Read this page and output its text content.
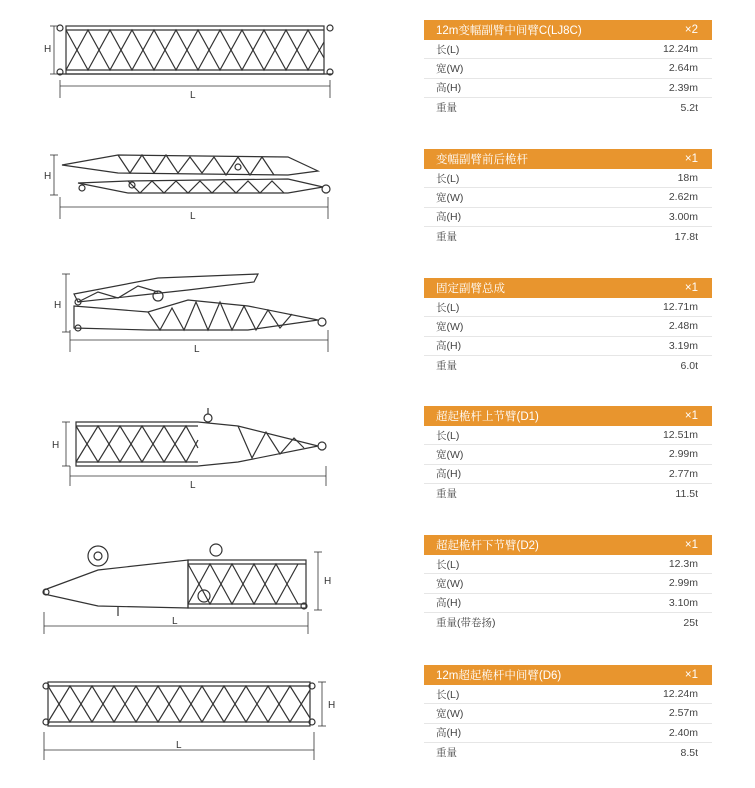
H
L
12m变幅副臂中间臂C(LJ8C)	×2
长(L)	12.24m
宽(W)	2.64m
高(H)	2.39m
重量	5.2t
H
L
变幅副臂前后桅杆	×1
长(L)	18m
宽(W)	2.62m
高(H)	3.00m
重量	17.8t
H
L
固定副臂总成	×1
长(L)	12.71m
宽(W)	2.48m
高(H)	3.19m
重量	6.0t
H
L
超起桅杆上节臂(D1)	×1
长(L)	12.51m
宽(W)	2.99m
高(H)	2.77m
重量	11.5t
H
L
超起桅杆下节臂(D2)	×1
长(L)	12.3m
宽(W)	2.99m
高(H)	3.10m
重量(带卷扬)	25t
H
L
12m超起桅杆中间臂(D6)	×1
长(L)	12.24m
宽(W)	2.57m
高(H)	2.40m
重量	8.5t
